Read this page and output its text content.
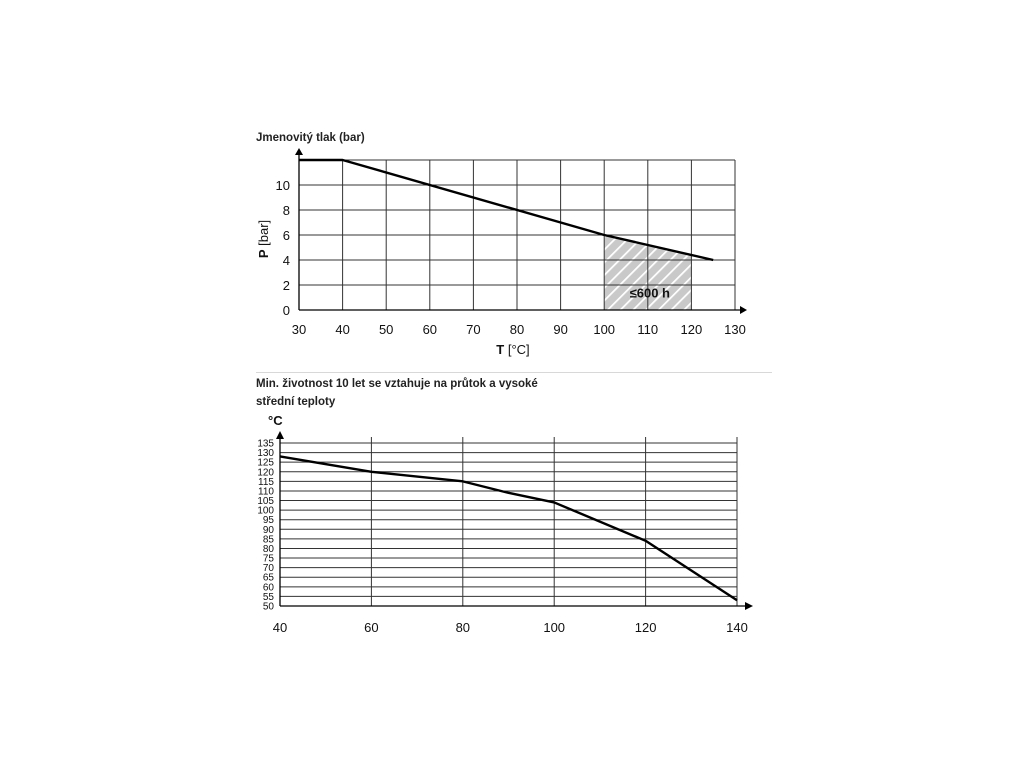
Jmenovitý tlak (bar)
Min. životnost 10 let se vztahuje na průtok a vysoké
střední teploty
30 40 50 60 70 80 90 100 110 120 130
0
2
4
6
8
10
≤600 h
T [°C]
P [bar]
40	60	80	100	120	140
50
55
60
65
70
75
80
85
90
95
100
105
110
115
120
125
130
135
°C
